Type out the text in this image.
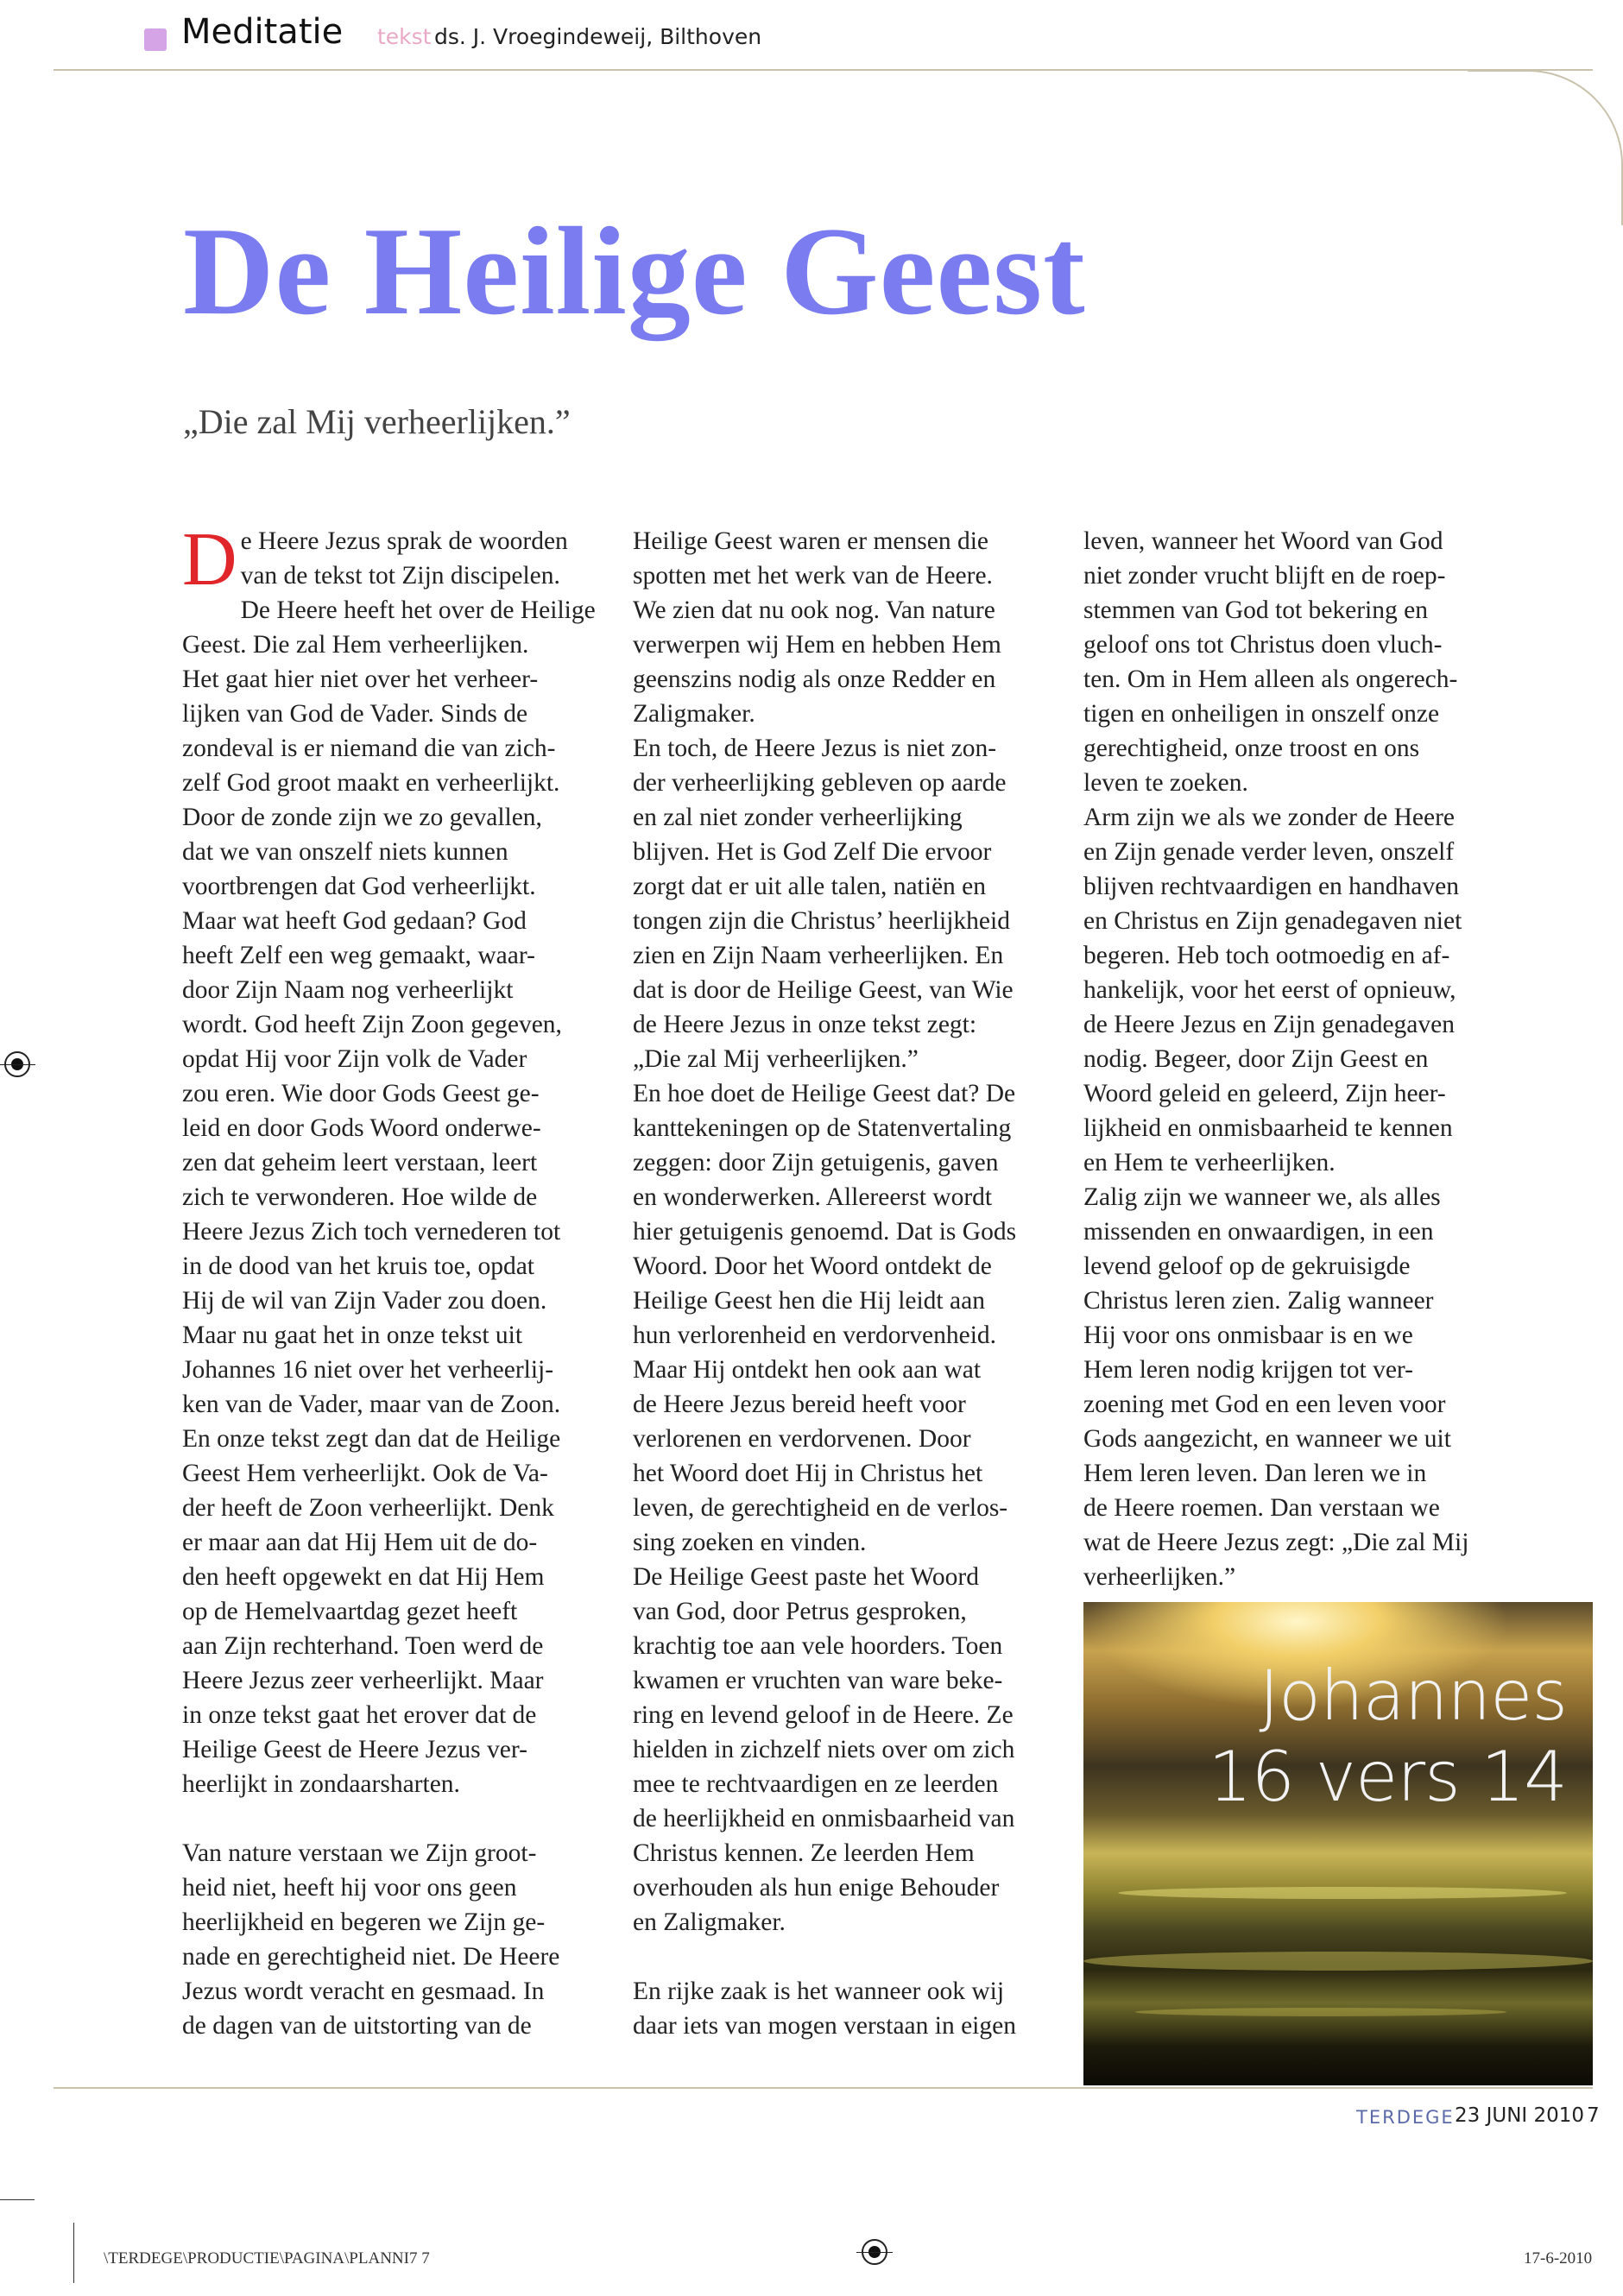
Meditatie tekst ds. J. Vroegindeweij, Bilthoven
De Heilige Geest
„Die zal Mij verheerlijken.”
D e Heere Jezus sprak de woorden
van de tekst tot Zijn discipelen.
De Heere heeft het over de Heilige
Geest. Die zal Hem verheerlijken.
Het gaat hier niet over het verheer-
lijken van God de Vader. Sinds de
zondeval is er niemand die van zich-
zelf God groot maakt en verheerlijkt.
Door de zonde zijn we zo gevallen,
dat we van onszelf niets kunnen
voortbrengen dat God verheerlijkt.
Maar wat heeft God gedaan? God
heeft Zelf een weg gemaakt, waar-
door Zijn Naam nog verheerlijkt
wordt. God heeft Zijn Zoon gegeven,
opdat Hij voor Zijn volk de Vader
zou eren. Wie door Gods Geest ge-
leid en door Gods Woord onderwe-
zen dat geheim leert verstaan, leert
zich te verwonderen. Hoe wilde de
Heere Jezus Zich toch vernederen tot
in de dood van het kruis toe, opdat
Hij de wil van Zijn Vader zou doen.
Maar nu gaat het in onze tekst uit
Johannes 16 niet over het verheerlij-
ken van de Vader, maar van de Zoon.
En onze tekst zegt dan dat de Heilige
Geest Hem verheerlijkt. Ook de Va-
der heeft de Zoon verheerlijkt. Denk
er maar aan dat Hij Hem uit de do-
den heeft opgewekt en dat Hij Hem
op de Hemelvaartdag gezet heeft
aan Zijn rechterhand. Toen werd de
Heere Jezus zeer verheerlijkt. Maar
in onze tekst gaat het erover dat de
Heilige Geest de Heere Jezus ver-
heerlijkt in zondaarsharten.
Van nature verstaan we Zijn groot-
heid niet, heeft hij voor ons geen
heerlijkheid en begeren we Zijn ge-
nade en gerechtigheid niet. De Heere
Jezus wordt veracht en gesmaad. In
de dagen van de uitstorting van de
Heilige Geest waren er mensen die
spotten met het werk van de Heere.
We zien dat nu ook nog. Van nature
verwerpen wij Hem en hebben Hem
geenszins nodig als onze Redder en
Zaligmaker.
En toch, de Heere Jezus is niet zon-
der verheerlijking gebleven op aarde
en zal niet zonder verheerlijking
blijven. Het is God Zelf Die ervoor
zorgt dat er uit alle talen, natiën en
tongen zijn die Christus’ heerlijkheid
zien en Zijn Naam verheerlijken. En
dat is door de Heilige Geest, van Wie
de Heere Jezus in onze tekst zegt:
„Die zal Mij verheerlijken.”
En hoe doet de Heilige Geest dat? De
kanttekeningen op de Statenvertaling
zeggen: door Zijn getuigenis, gaven
en wonderwerken. Allereerst wordt
hier getuigenis genoemd. Dat is Gods
Woord. Door het Woord ontdekt de
Heilige Geest hen die Hij leidt aan
hun verlorenheid en verdorvenheid.
Maar Hij ontdekt hen ook aan wat
de Heere Jezus bereid heeft voor
verlorenen en verdorvenen. Door
het Woord doet Hij in Christus het
leven, de gerechtigheid en de verlos-
sing zoeken en vinden.
De Heilige Geest paste het Woord
van God, door Petrus gesproken,
krachtig toe aan vele hoorders. Toen
kwamen er vruchten van ware beke-
ring en levend geloof in de Heere. Ze
hielden in zichzelf niets over om zich
mee te rechtvaardigen en ze leerden
de heerlijkheid en onmisbaarheid van
Christus kennen. Ze leerden Hem
overhouden als hun enige Behouder
en Zaligmaker.
En rijke zaak is het wanneer ook wij
daar iets van mogen verstaan in eigen
leven, wanneer het Woord van God
niet zonder vrucht blijft en de roep-
stemmen van God tot bekering en
geloof ons tot Christus doen vluch-
ten. Om in Hem alleen als ongerech-
tigen en onheiligen in onszelf onze
gerechtigheid, onze troost en ons
leven te zoeken.
Arm zijn we als we zonder de Heere
en Zijn genade verder leven, onszelf
blijven rechtvaardigen en handhaven
en Christus en Zijn genadegaven niet
begeren. Heb toch ootmoedig en af-
hankelijk, voor het eerst of opnieuw,
de Heere Jezus en Zijn genadegaven
nodig. Begeer, door Zijn Geest en
Woord geleid en geleerd, Zijn heer-
lijkheid en onmisbaarheid te kennen
en Hem te verheerlijken.
Zalig zijn we wanneer we, als alles
missenden en onwaardigen, in een
levend geloof op de gekruisigde
Christus leren zien. Zalig wanneer
Hij voor ons onmisbaar is en we
Hem leren nodig krijgen tot ver-
zoening met God en een leven voor
Gods aangezicht, en wanneer we uit
Hem leren leven. Dan leren we in
de Heere roemen. Dan verstaan we
wat de Heere Jezus zegt: „Die zal Mij
verheerlijken.”
Johannes
16 vers 14
TERDEGE 23 JUNI 2010 7
\TERDEGE\PRODUCTIE\PAGINA\PLANNI7 7	17-6-2010
